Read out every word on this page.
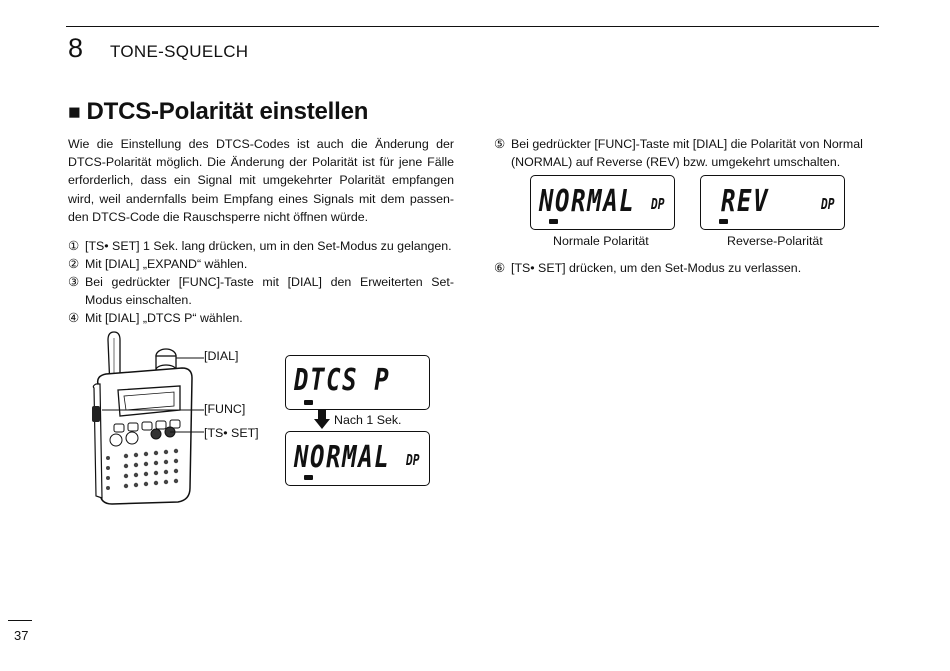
8 TONE-SQUELCH
■ DTCS-Polarität einstellen
Wie die Einstellung des DTCS-Codes ist auch die Änderung der DTCS-Polarität möglich. Die Änderung der Polarität ist für jene Fälle erforderlich, dass ein Signal mit umgekehrter Polarität empfangen wird, weil andernfalls beim Empfang eines Signals mit dem passen-den DTCS-Code die Rauschsperre nicht öffnen würde.
① [TS• SET] 1 Sek. lang drücken, um in den Set-Modus zu gelangen.
② Mit [DIAL] „EXPAND“ wählen.
③ Bei gedrückter [FUNC]-Taste mit [DIAL] den Erweiterten Set-Modus einschalten.
④ Mit [DIAL] „DTCS P“ wählen.
⑤ Bei gedrückter [FUNC]-Taste mit [DIAL] die Polarität von Normal (NORMAL) auf Reverse (REV) bzw. umgekehrt umschalten.
⑥ [TS• SET] drücken, um den Set-Modus zu verlassen.
[DIAL]
[FUNC]
[TS• SET]
DTCS P
Nach 1 Sek.
NORMAL DP
NORMAL DP REV	DP
Normale Polarität	Reverse-Polarität
37
